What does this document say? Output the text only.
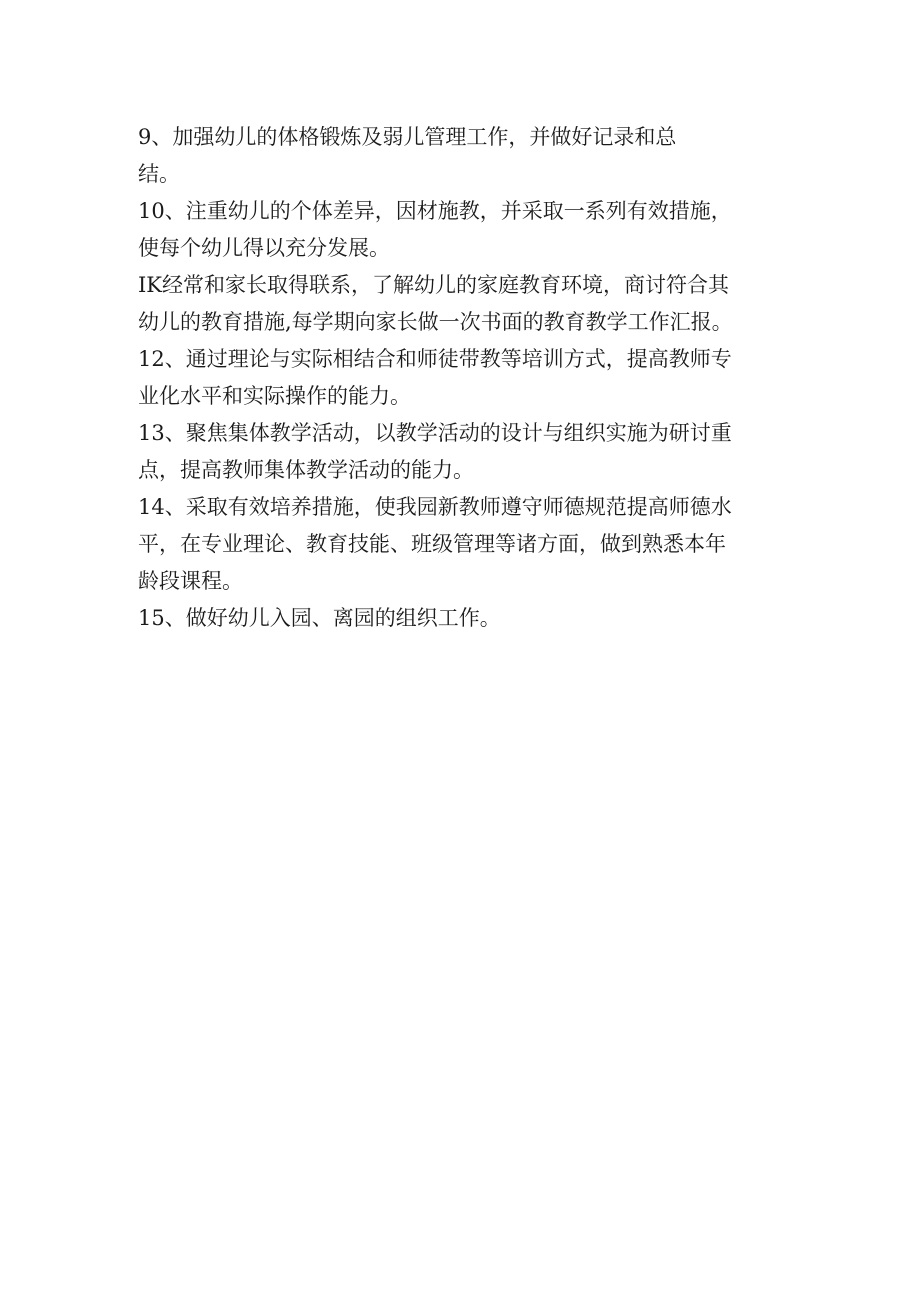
9、加强幼儿的体格锻炼及弱儿管理工作，并做好记录和总
结。
10、注重幼儿的个体差异，因材施教，并采取一系列有效措施，
使每个幼儿得以充分发展。
IK经常和家长取得联系，了解幼儿的家庭教育环境，商讨符合其
幼儿的教育措施,每学期向家长做一次书面的教育教学工作汇报。
12、通过理论与实际相结合和师徒带教等培训方式，提高教师专
业化水平和实际操作的能力。
13、聚焦集体教学活动，以教学活动的设计与组织实施为研讨重
点，提高教师集体教学活动的能力。
14、采取有效培养措施，使我园新教师遵守师德规范提高师德水
平，在专业理论、教育技能、班级管理等诸方面，做到熟悉本年
龄段课程。
15、做好幼儿入园、离园的组织工作。
